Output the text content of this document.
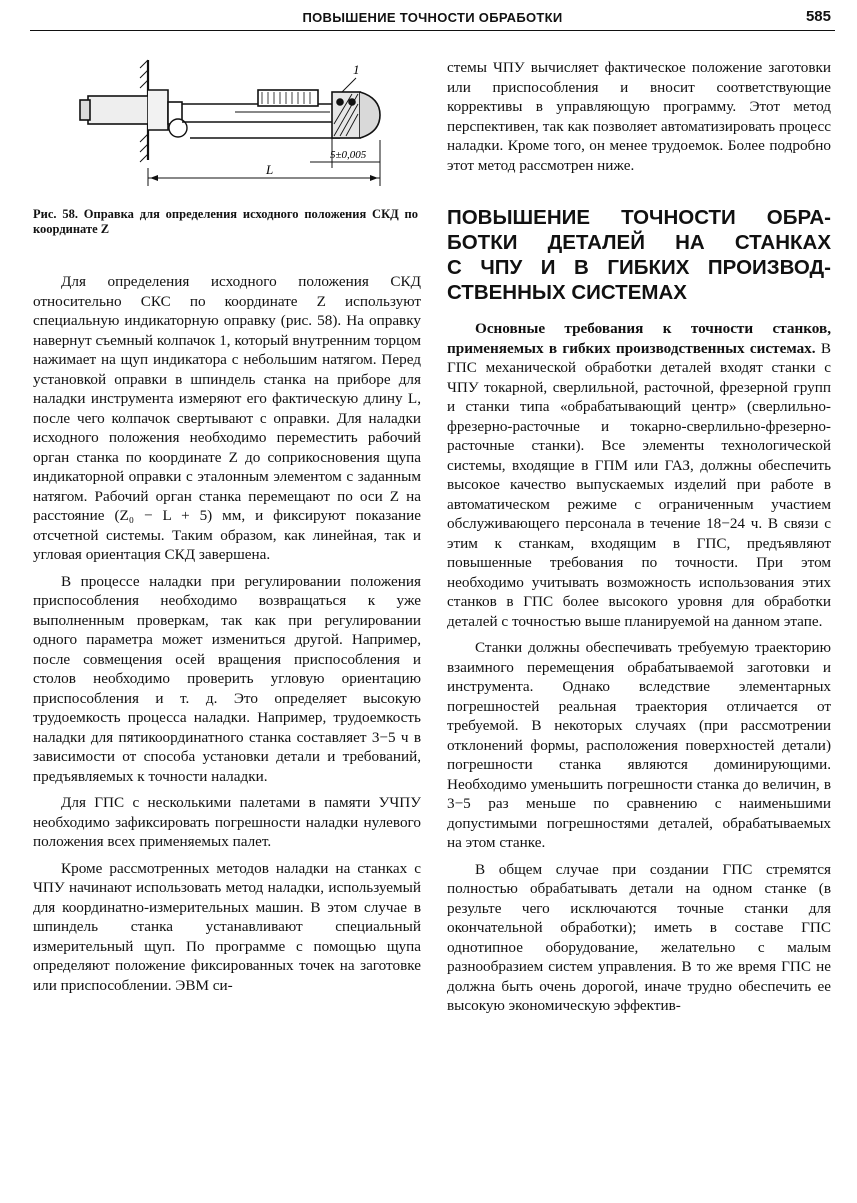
ПОВЫШЕНИЕ ТОЧНОСТИ ОБРАБОТКИ	585
1
5±0,005
L
Рис. 58. Оправка для определения исходного положения СКД по координате Z

Для определения исходного положения СКД относительно СКС по координате Z используют специальную индикаторную оправку (рис. 58). На оправку навернут съемный колпачок 1, который внутренним торцом нажимает на щуп индикатора с небольшим натягом. Перед установкой оправки в шпиндель станка на приборе для наладки инструмента измеряют его фактическую длину L, после чего колпачок свертывают с оправки. Для наладки исходного положения необходимо переместить рабочий орган станка по координате Z до соприкосновения щупа индикаторной оправки с эталонным элементом с заданным натягом. Рабочий орган станка перемещают по оси Z на расстояние (Z₀ − L + 5) мм, и фиксируют показание отсчетной системы. Таким образом, как линейная, так и угловая ориентация СКД завершена.

В процессе наладки при регулировании положения приспособления необходимо возвращаться к уже выполненным проверкам, так как при регулировании одного параметра может измениться другой. Например, после совмещения осей вращения приспособления и столов необходимо проверить угловую ориентацию приспособления и т. д. Это определяет высокую трудоемкость процесса наладки. Например, трудоемкость наладки для пятикоординатного станка составляет 3−5 ч в зависимости от способа установки детали и требований, предъявляемых к точности наладки.

Для ГПС с несколькими палетами в памяти УЧПУ необходимо зафиксировать погрешности наладки нулевого положения всех применяемых палет.

Кроме рассмотренных методов наладки на станках с ЧПУ начинают использовать метод наладки, используемый для координатно-измерительных машин. В этом случае в шпиндель станка устанавливают специальный измерительный щуп. По программе с помощью щупа определяют положение фиксированных точек на заготовке или приспособлении. ЭВМ си-

стемы ЧПУ вычисляет фактическое положение заготовки или приспособления и вносит соответствующие коррективы в управляющую программу. Этот метод перспективен, так как позволяет автоматизировать процесс наладки. Кроме того, он менее трудоемок. Более подробно этот метод рассмотрен ниже.

ПОВЫШЕНИЕ ТОЧНОСТИ ОБРА-
БОТКИ ДЕТАЛЕЙ НА СТАНКАХ
С ЧПУ И В ГИБКИХ ПРОИЗВОД-
СТВЕННЫХ СИСТЕМАХ

Основные требования к точности станков, применяемых в гибких производственных системах. В ГПС механической обработки деталей входят станки с ЧПУ токарной, сверлильной, расточной, фрезерной групп и станки типа «обрабатывающий центр» (сверлильно-фрезерно-расточные и токарно-сверлильно-фрезерно-расточные станки). Все элементы технологической системы, входящие в ГПМ или ГАЗ, должны обеспечить высокое качество выпускаемых изделий при работе в автоматическом режиме с ограниченным участием обслуживающего персонала в течение 18−24 ч. В связи с этим к станкам, входящим в ГПС, предъявляют повышенные требования по точности. При этом необходимо учитывать возможность использования этих станков в ГПС более высокого уровня для обработки деталей с точностью выше планируемой на данном этапе.

Станки должны обеспечивать требуемую траекторию взаимного перемещения обрабатываемой заготовки и инструмента. Однако вследствие элементарных погрешностей реальная траектория отличается от требуемой. В некоторых случаях (при рассмотрении отклонений формы, расположения поверхностей детали) погрешности станка являются доминирующими. Необходимо уменьшить погрешности станка до величин, в 3−5 раз меньше по сравнению с наименьшими допустимыми погрешностями деталей, обрабатываемых на этом станке.

В общем случае при создании ГПС стремятся полностью обрабатывать детали на одном станке (в результе чего исключаются точные станки для окончательной обработки); иметь в составе ГПС однотипное оборудование, желательно с малым разнообразием систем управления. В то же время ГПС не должна быть очень дорогой, иначе трудно обеспечить ее высокую экономическую эффектив-
